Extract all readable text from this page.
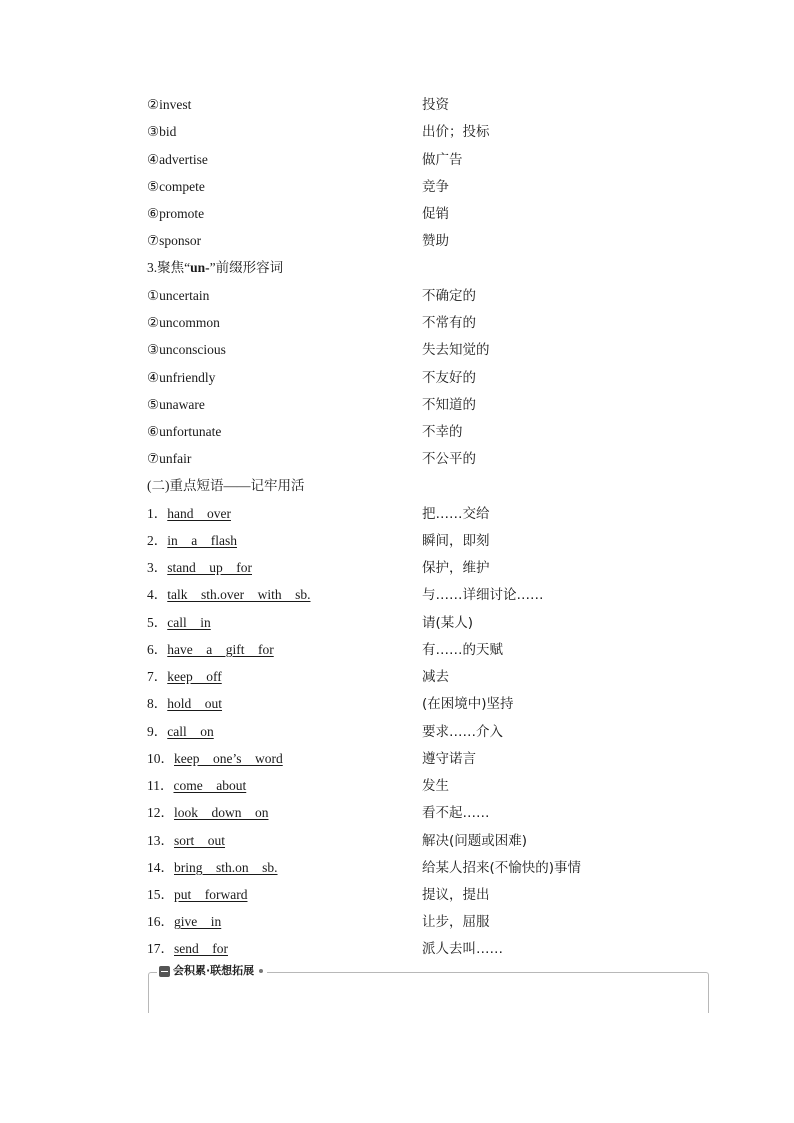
②invest	投资
③bid	出价；投标
④advertise	做广告
⑤compete	竞争
⑥promote	促销
⑦sponsor	赞助
3.聚焦“un-”前缀形容词
①uncertain	不确定的
②uncommon	不常有的
③unconscious	失去知觉的
④unfriendly	不友好的
⑤unaware	不知道的
⑥unfortunate	不幸的
⑦unfair	不公平的
(二)重点短语——记牢用活
1．hand  over	把……交给
2．in  a  flash	瞬间，即刻
3．stand  up  for	保护，维护
4．talk  sth.over  with  sb.	与……详细讨论……
5．call  in	请(某人)
6．have  a  gift  for	有……的天赋
7．keep  off	减去
8．hold  out	(在困境中)坚持
9．call  on	要求……介入
10．keep  one’s  word	遵守诺言
11．come  about	发生
12．look  down  on	看不起……
13．sort  out	解决(问题或困难)
14．bring  sth.on  sb.	给某人招来(不愉快的)事情
15．put  forward	提议，提出
16．give  in	让步，屈服
17．send  for	派人去叫……
会积累·联想拓展
